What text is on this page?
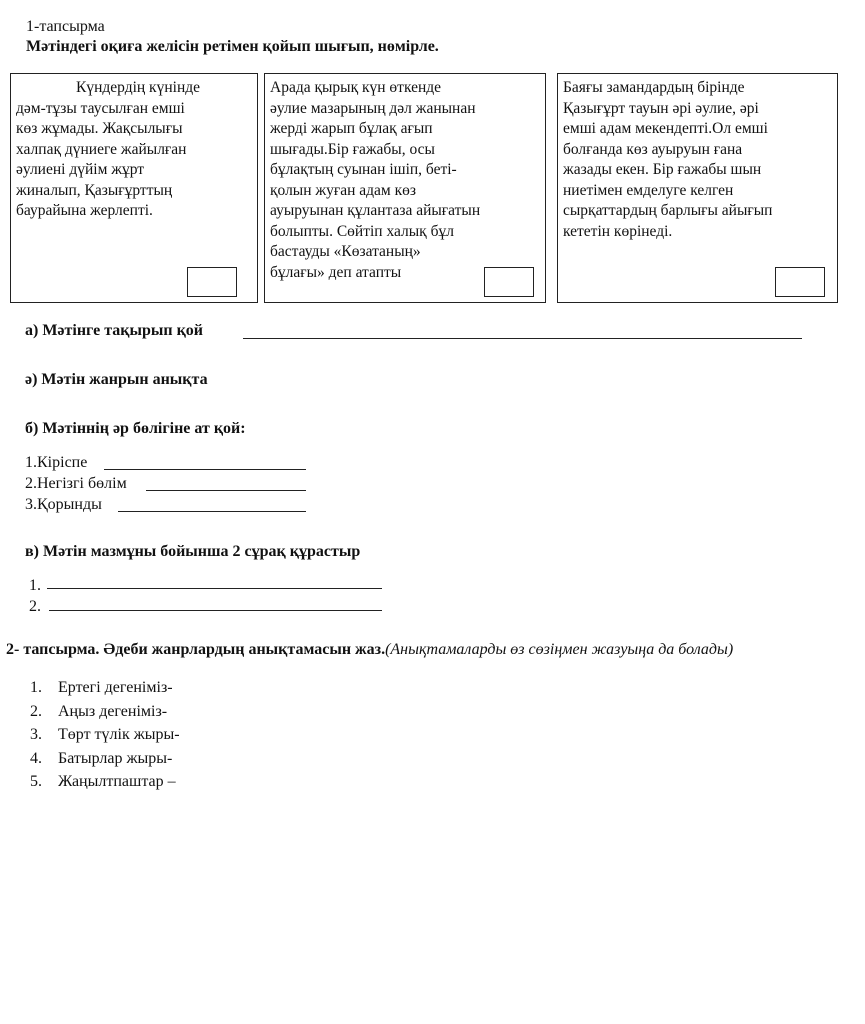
1-тапсырма
Мәтіндегі оқиға желісін ретімен қойып шығып, нөмірле.
Күндердің күнінде
дәм-тұзы таусылған емші
көз жұмады. Жақсылығы
халпақ дүниеге жайылған
әулиені дүйім жұрт
жиналып, Қазығұрттың
баурайына жерлепті.
Арада қырық күн өткенде
әулие мазарының дәл жанынан
жерді жарып бұлақ ағып
шығады.Бір ғажабы, осы
бұлақтың суынан ішіп, беті-
қолын жуған адам көз
ауыруынан құлантаза айығатын
болыпты. Сөйтіп халық бұл
бастауды «Көзатаның»
бұлағы» деп атапты
Баяғы замандардың бірінде
Қазығұрт тауын әрі әулие, әрі
емші адам мекендепті.Ол емші
болғанда көз ауыруын ғана
жазады екен. Бір ғажабы шын
ниетімен емделуге келген
сырқаттардың барлығы айығып
кететін көрінеді.
а) Мәтінге тақырып қой
ә) Мәтін жанрын анықта
б) Мәтіннің әр бөлігіне ат қой:
1.Кіріспе
2.Негізгі бөлім
3.Қорынды
в) Мәтін мазмұны бойынша 2 сұрақ құрастыр
1.
2.
2- тапсырма. Әдеби жанрлардың анықтамасын жаз.(Анықтамаларды өз сөзіңмен жазуыңа да болады)
1. Ертегі дегеніміз-
2. Аңыз дегеніміз-
3. Төрт түлік жыры-
4. Батырлар жыры-
5. Жаңылтпаштар –
